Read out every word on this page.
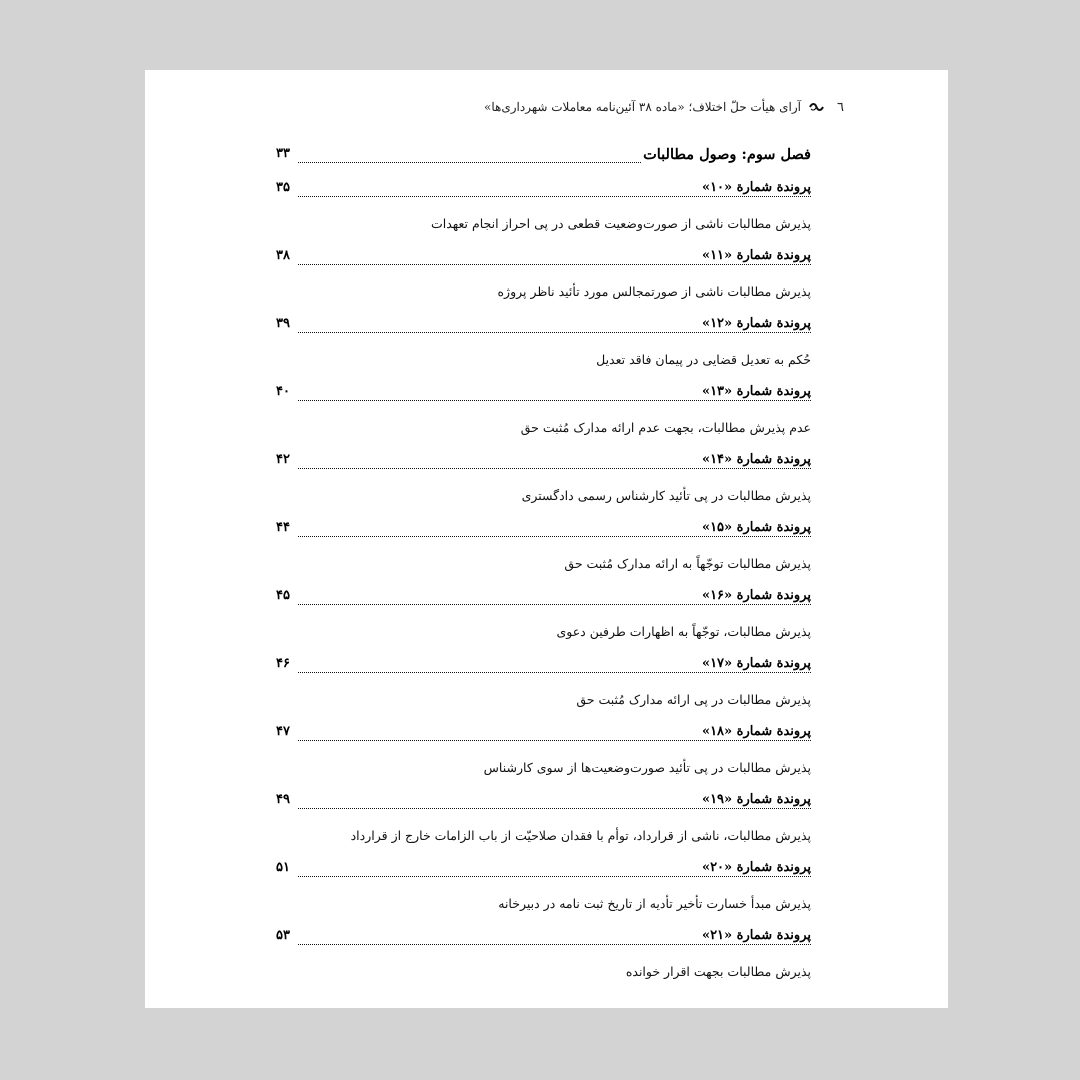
٦
آرای هیأت حلّ اختلاف؛ «ماده ۳۸ آئین‌نامه معاملات شهرداری‌ها»
فصل سوم: وصول مطالبات
۳۳
پروندة شمارة «۱۰»
۳۵
پذیرش مطالبات ناشی از صورت‌وضعیت قطعی در پی احراز انجام تعهدات
پروندة شمارة «۱۱»
۳۸
پذیرش مطالبات ناشی از صورتمجالس مورد تأئید ناظر پروژه
پروندة شمارة «۱۲»
۳۹
حُکم به تعدیل قضایی در پیمان فاقد تعدیل
پروندة شمارة «۱۳»
۴۰
عدم پذیرش مطالبات، بجهت عدم ارائه مدارک مُثبت حق
پروندة شمارة «۱۴»
۴۲
پذیرش مطالبات در پی تأئید کارشناس رسمی دادگستری
پروندة شمارة «۱۵»
۴۴
پذیرش مطالبات توجّهاً به ارائه مدارک مُثبت حق
پروندة شمارة «۱۶»
۴۵
پذیرش مطالبات، توجّهاً به اظهارات طرفین دعوی
پروندة شمارة «۱۷»
۴۶
پذیرش مطالبات در پی ارائه مدارک مُثبت حق
پروندة شمارة «۱۸»
۴۷
پذیرش مطالبات در پی تأئید صورت‌وضعیت‌ها از سوی کارشناس
پروندة شمارة «۱۹»
۴۹
پذیرش مطالبات، ناشی از قرارداد، توأم با فقدان صلاحیّت از باب الزامات خارج از قرارداد
پروندة شمارة «۲۰»
۵۱
پذیرش مبدأ خسارت تأخیر تأدیه از تاریخ ثبت نامه در دبیرخانه
پروندة شمارة «۲۱»
۵۳
پذیرش مطالبات بجهت اقرار خوانده
